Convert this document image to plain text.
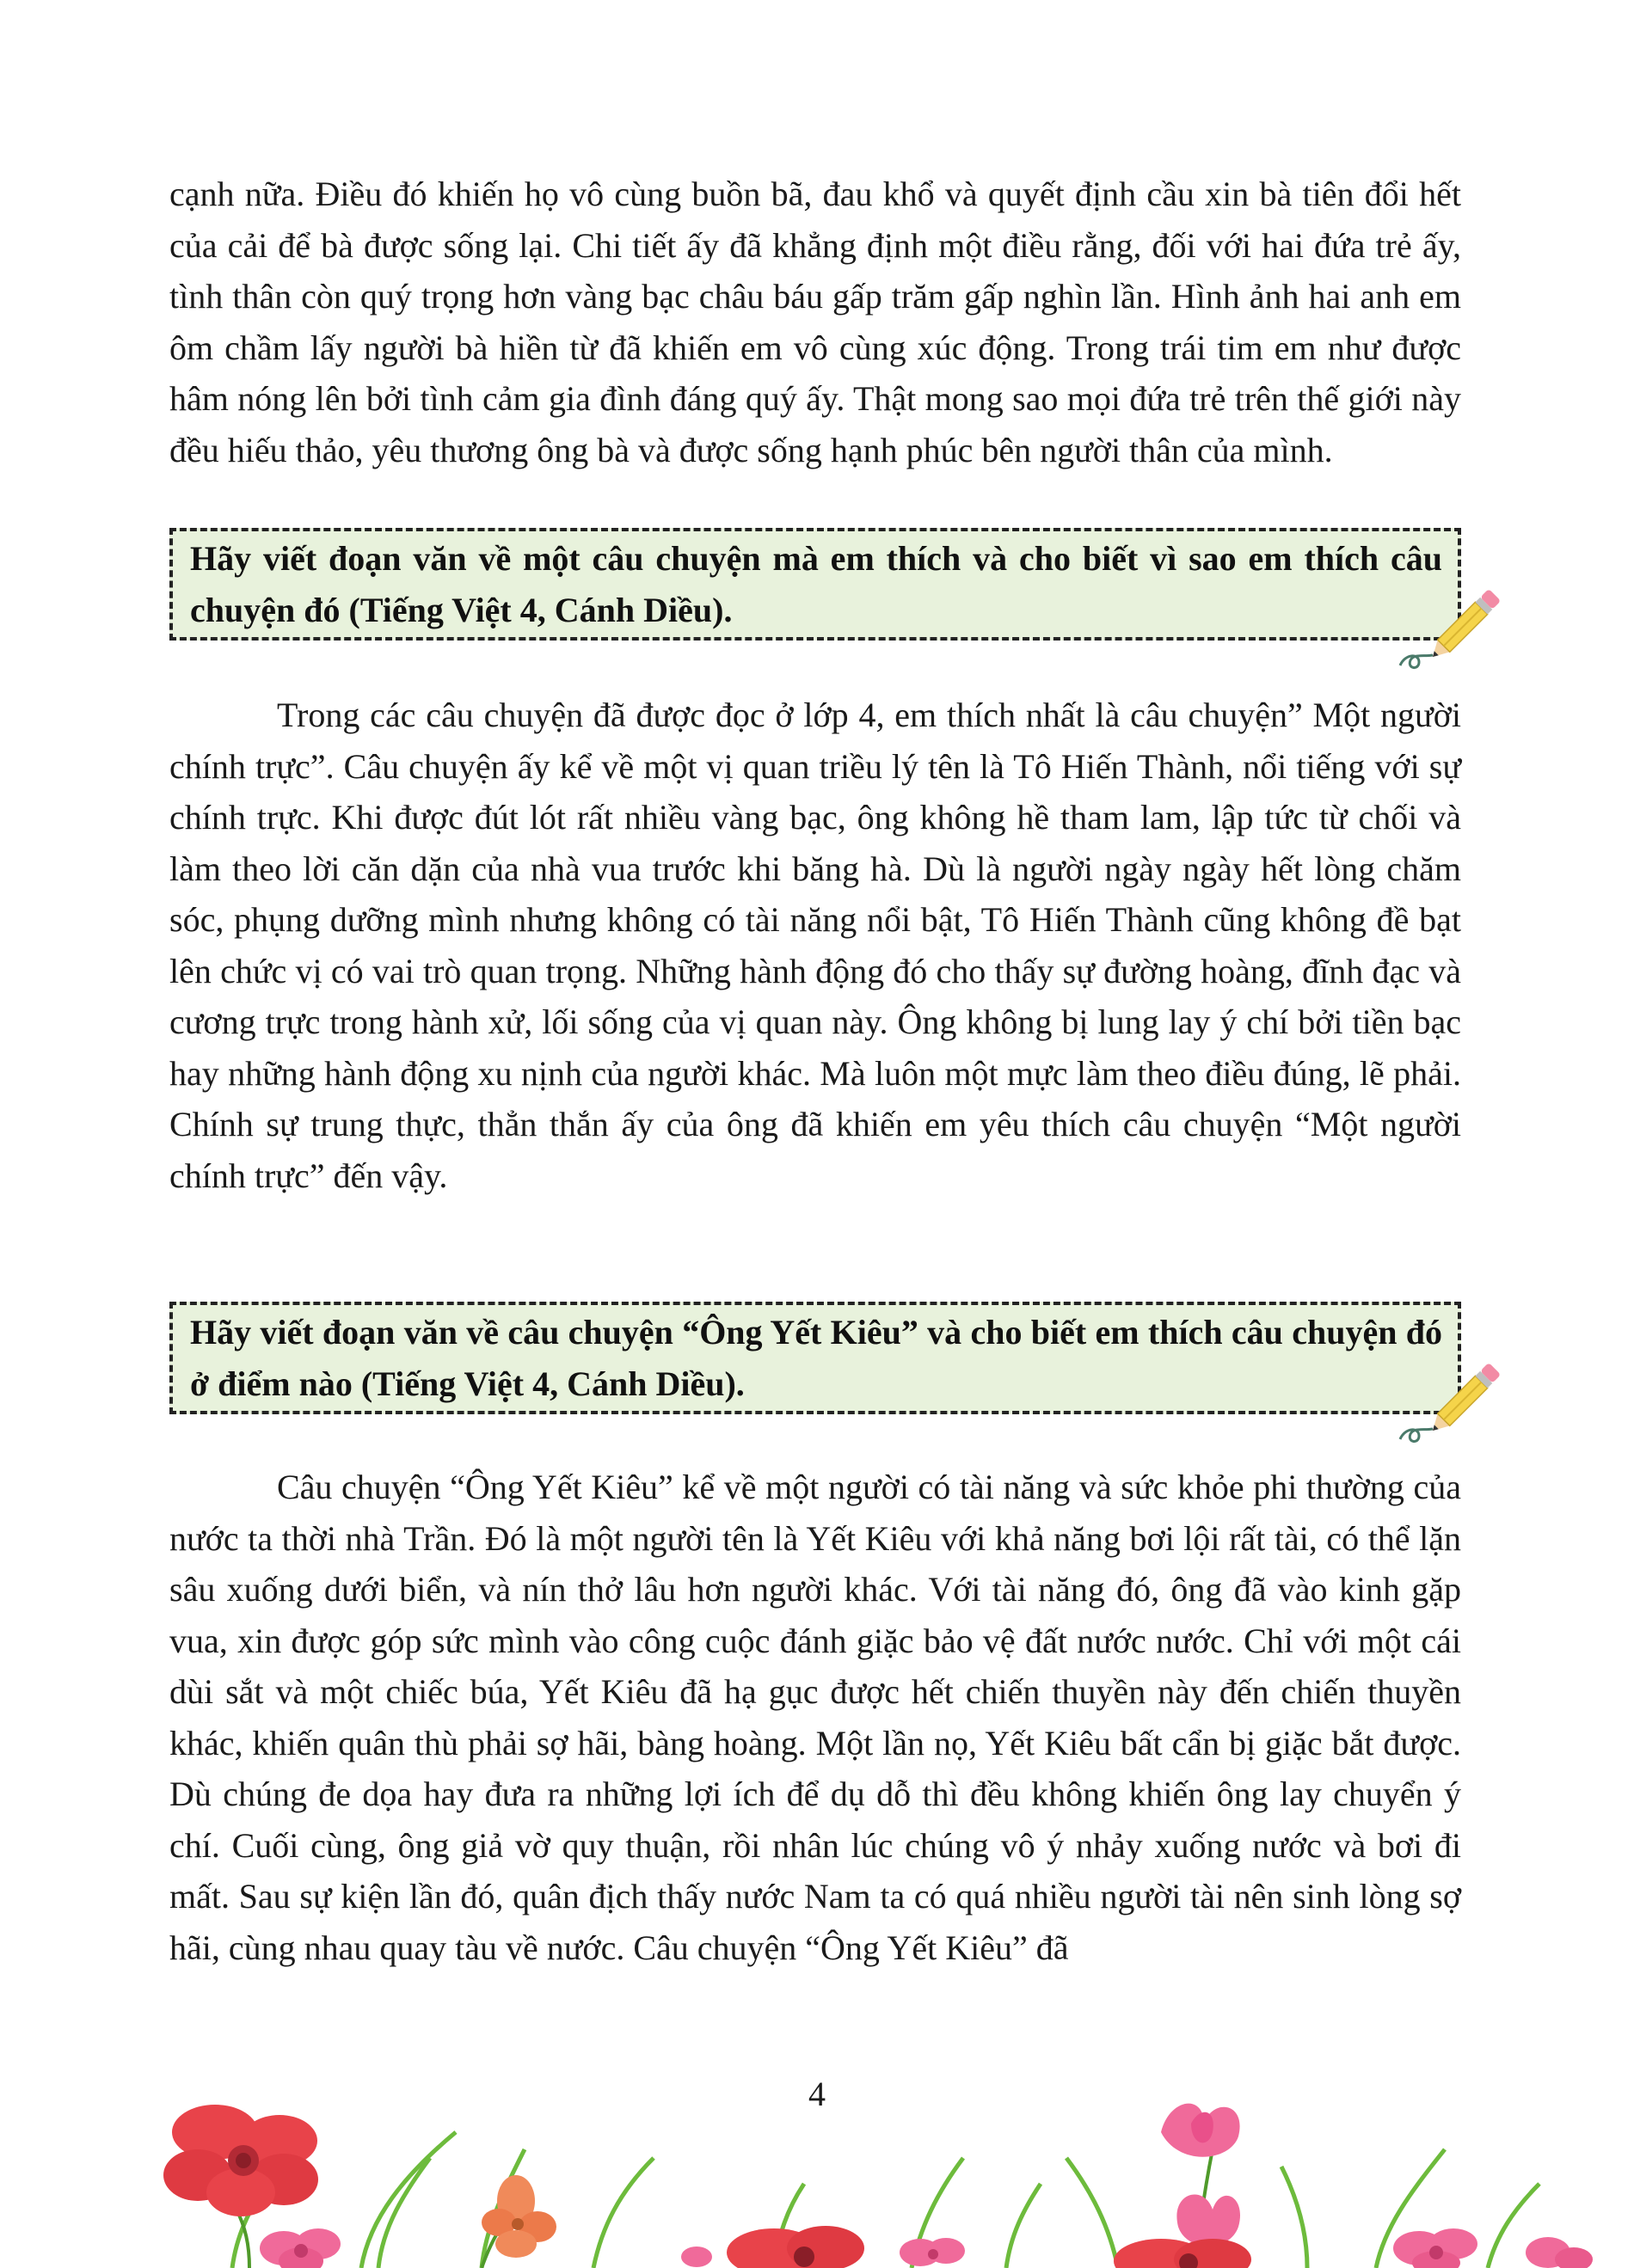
cạnh nữa. Điều đó khiến họ vô cùng buồn bã, đau khổ và quyết định cầu xin bà tiên đổi hết của cải để bà được sống lại. Chi tiết ấy đã khẳng định một điều rằng, đối với hai đứa trẻ ấy, tình thân còn quý trọng hơn vàng bạc châu báu gấp trăm gấp nghìn lần. Hình ảnh hai anh em ôm chầm lấy người bà hiền từ đã khiến em vô cùng xúc động. Trong trái tim em như được hâm nóng lên bởi tình cảm gia đình đáng quý ấy. Thật mong sao mọi đứa trẻ trên thế giới này đều hiếu thảo, yêu thương ông bà và được sống hạnh phúc bên người thân của mình.

Hãy viết đoạn văn về một câu chuyện mà em thích và cho biết vì sao em thích câu chuyện đó (Tiếng Việt 4, Cánh Diều).

Trong các câu chuyện đã được đọc ở lớp 4, em thích nhất là câu chuyện” Một người chính trực”. Câu chuyện ấy kể về một vị quan triều lý tên là Tô Hiến Thành, nổi tiếng với sự chính trực. Khi được đút lót rất nhiều vàng bạc, ông không hề tham lam, lập tức từ chối và làm theo lời căn dặn của nhà vua trước khi băng hà. Dù là người ngày ngày hết lòng chăm sóc, phụng dưỡng mình nhưng không có tài năng nổi bật, Tô Hiến Thành cũng không đề bạt lên chức vị có vai trò quan trọng. Những hành động đó cho thấy sự đường hoàng, đĩnh đạc và cương trực trong hành xử, lối sống của vị quan này. Ông không bị lung lay ý chí bởi tiền bạc hay những hành động xu nịnh của người khác. Mà luôn một mực làm theo điều đúng, lẽ phải. Chính sự trung thực, thẳn thắn ấy của ông đã khiến em yêu thích câu chuyện “Một người chính trực” đến vậy.

Hãy viết đoạn văn về câu chuyện “Ông Yết Kiêu” và cho biết em thích câu chuyện đó ở điểm nào (Tiếng Việt 4, Cánh Diều).

Câu chuyện “Ông Yết Kiêu” kể về một người có tài năng và sức khỏe phi thường của nước ta thời nhà Trần. Đó là một người tên là Yết Kiêu với khả năng bơi lội rất tài, có thể lặn sâu xuống dưới biển, và nín thở lâu hơn người khác. Với tài năng đó, ông đã vào kinh gặp vua, xin được góp sức mình vào công cuộc đánh giặc bảo vệ đất nước nước. Chỉ với một cái dùi sắt và một chiếc búa, Yết Kiêu đã hạ gục được hết chiến thuyền này đến chiến thuyền khác, khiến quân thù phải sợ hãi, bàng hoàng. Một lần nọ, Yết Kiêu bất cẩn bị giặc bắt được. Dù chúng đe dọa hay đưa ra những lợi ích để dụ dỗ thì đều không khiến ông lay chuyển ý chí. Cuối cùng, ông giả vờ quy thuận, rồi nhân lúc chúng vô ý nhảy xuống nước và bơi đi mất. Sau sự kiện lần đó, quân địch thấy nước Nam ta có quá nhiều người tài nên sinh lòng sợ hãi, cùng nhau quay tàu về nước. Câu chuyện “Ông Yết Kiêu” đã

4
